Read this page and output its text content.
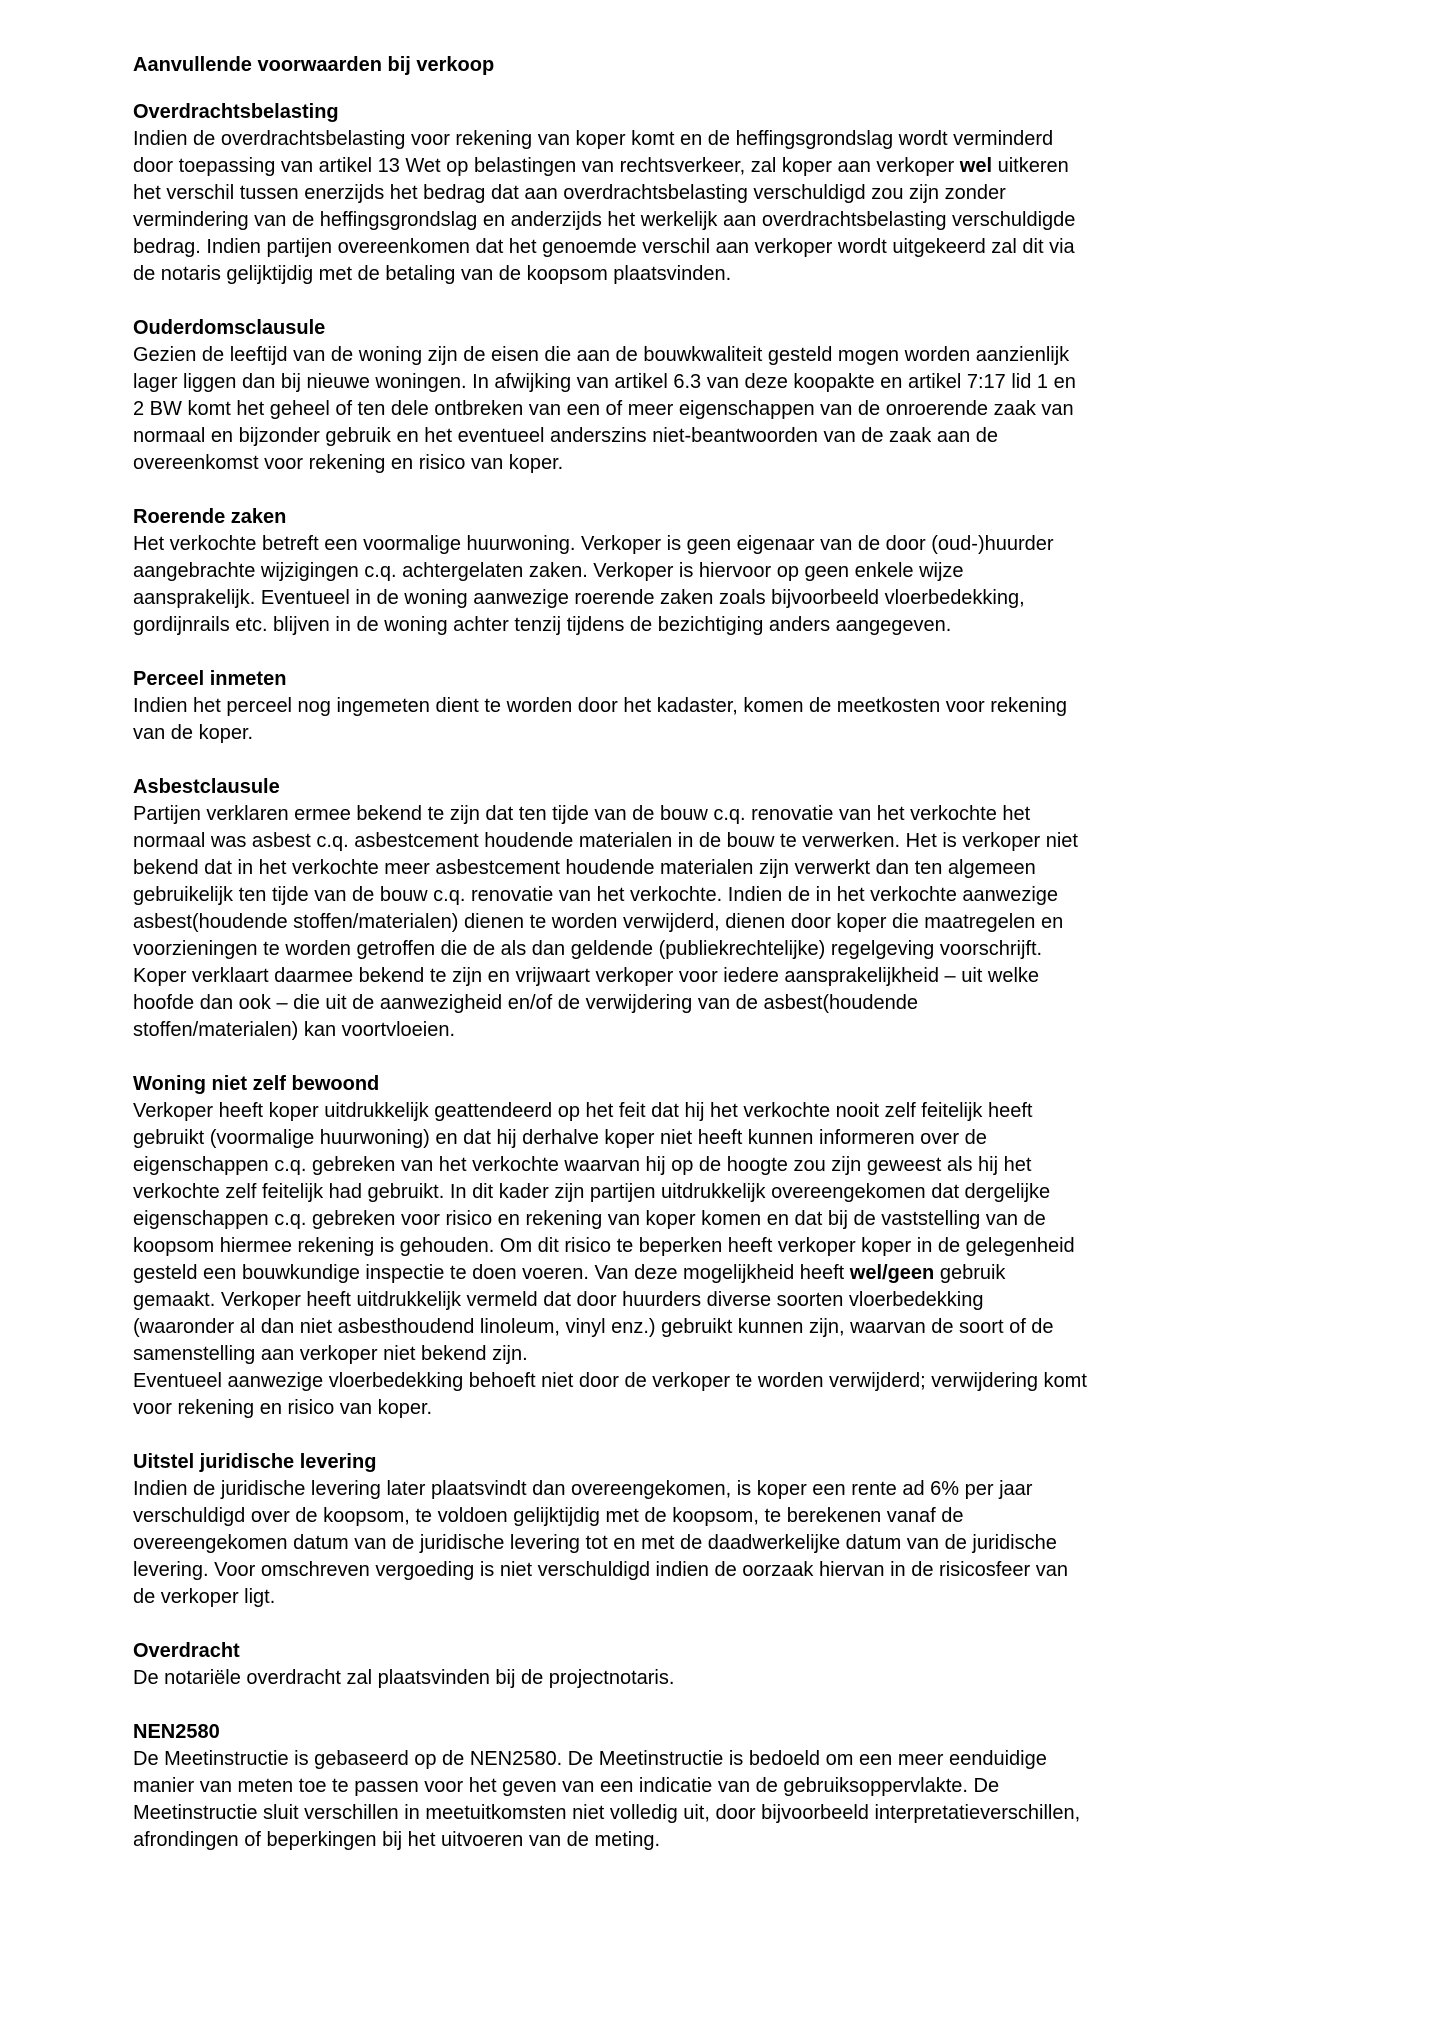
Aanvullende voorwaarden bij verkoop
Overdrachtsbelasting
Indien de overdrachtsbelasting voor rekening van koper komt en de heffingsgrondslag wordt verminderd
door toepassing van artikel 13 Wet op belastingen van rechtsverkeer, zal koper aan verkoper wel uitkeren
het verschil tussen enerzijds het bedrag dat aan overdrachtsbelasting verschuldigd zou zijn zonder
vermindering van de heffingsgrondslag en anderzijds het werkelijk aan overdrachtsbelasting verschuldigde
bedrag. Indien partijen overeenkomen dat het genoemde verschil aan verkoper wordt uitgekeerd zal dit via
de notaris gelijktijdig met de betaling van de koopsom plaatsvinden.
Ouderdomsclausule
Gezien de leeftijd van de woning zijn de eisen die aan de bouwkwaliteit gesteld mogen worden aanzienlijk
lager liggen dan bij nieuwe woningen. In afwijking van artikel 6.3 van deze koopakte en artikel 7:17 lid 1 en
2 BW komt het geheel of ten dele ontbreken van een of meer eigenschappen van de onroerende zaak van
normaal en bijzonder gebruik en het eventueel anderszins niet-beantwoorden van de zaak aan de
overeenkomst voor rekening en risico van koper.
Roerende zaken
Het verkochte betreft een voormalige huurwoning. Verkoper is geen eigenaar van de door (oud-)huurder
aangebrachte wijzigingen c.q. achtergelaten zaken. Verkoper is hiervoor op geen enkele wijze
aansprakelijk. Eventueel in de woning aanwezige roerende zaken zoals bijvoorbeeld vloerbedekking,
gordijnrails etc. blijven in de woning achter tenzij tijdens de bezichtiging anders aangegeven.
Perceel inmeten
Indien het perceel nog ingemeten dient te worden door het kadaster, komen de meetkosten voor rekening
van de koper.
Asbestclausule
Partijen verklaren ermee bekend te zijn dat ten tijde van de bouw c.q. renovatie van het verkochte het
normaal was asbest c.q. asbestcement houdende materialen in de bouw te verwerken. Het is verkoper niet
bekend dat in het verkochte meer asbestcement houdende materialen zijn verwerkt dan ten algemeen
gebruikelijk ten tijde van de bouw c.q. renovatie van het verkochte. Indien de in het verkochte aanwezige
asbest(houdende stoffen/materialen) dienen te worden verwijderd, dienen door koper die maatregelen en
voorzieningen te worden getroffen die de als dan geldende (publiekrechtelijke) regelgeving voorschrijft.
Koper verklaart daarmee bekend te zijn en vrijwaart verkoper voor iedere aansprakelijkheid – uit welke
hoofde dan ook – die uit de aanwezigheid en/of de verwijdering van de asbest(houdende
stoffen/materialen) kan voortvloeien.
Woning niet zelf bewoond
Verkoper heeft koper uitdrukkelijk geattendeerd op het feit dat hij het verkochte nooit zelf feitelijk heeft
gebruikt (voormalige huurwoning) en dat hij derhalve koper niet heeft kunnen informeren over de
eigenschappen c.q. gebreken van het verkochte waarvan hij op de hoogte zou zijn geweest als hij het
verkochte zelf feitelijk had gebruikt. In dit kader zijn partijen uitdrukkelijk overeengekomen dat dergelijke
eigenschappen c.q. gebreken voor risico en rekening van koper komen en dat bij de vaststelling van de
koopsom hiermee rekening is gehouden. Om dit risico te beperken heeft verkoper koper in de gelegenheid
gesteld een bouwkundige inspectie te doen voeren. Van deze mogelijkheid heeft wel/geen gebruik
gemaakt. Verkoper heeft uitdrukkelijk vermeld dat door huurders diverse soorten vloerbedekking
(waaronder al dan niet asbesthoudend linoleum, vinyl enz.) gebruikt kunnen zijn, waarvan de soort of de
samenstelling aan verkoper niet bekend zijn.
Eventueel aanwezige vloerbedekking behoeft niet door de verkoper te worden verwijderd; verwijdering komt
voor rekening en risico van koper.
Uitstel juridische levering
Indien de juridische levering later plaatsvindt dan overeengekomen, is koper een rente ad 6% per jaar
verschuldigd over de koopsom, te voldoen gelijktijdig met de koopsom, te berekenen vanaf de
overeengekomen datum van de juridische levering tot en met de daadwerkelijke datum van de juridische
levering. Voor omschreven vergoeding is niet verschuldigd indien de oorzaak hiervan in de risicosfeer van
de verkoper ligt.
Overdracht
De notariële overdracht zal plaatsvinden bij de projectnotaris.
NEN2580
De Meetinstructie is gebaseerd op de NEN2580. De Meetinstructie is bedoeld om een meer eenduidige
manier van meten toe te passen voor het geven van een indicatie van de gebruiksoppervlakte. De
Meetinstructie sluit verschillen in meetuitkomsten niet volledig uit, door bijvoorbeeld interpretatieverschillen,
afrondingen of beperkingen bij het uitvoeren van de meting.
